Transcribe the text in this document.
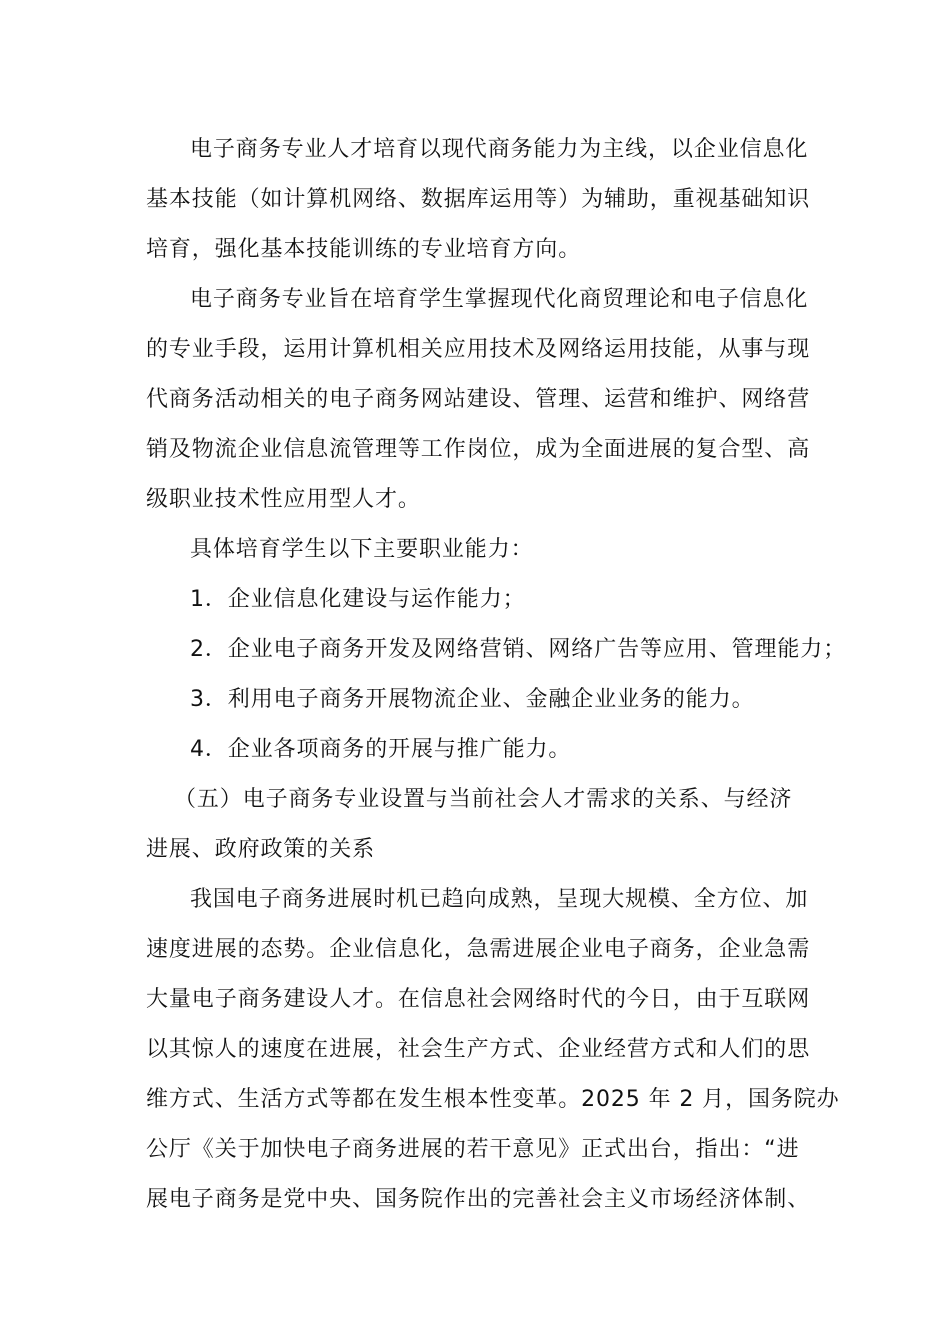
电子商务专业人才培育以现代商务能力为主线，以企业信息化
基本技能（如计算机网络、数据库运用等）为辅助，重视基础知识
培育，强化基本技能训练的专业培育方向。
电子商务专业旨在培育学生掌握现代化商贸理论和电子信息化
的专业手段，运用计算机相关应用技术及网络运用技能，从事与现
代商务活动相关的电子商务网站建设、管理、运营和维护、网络营
销及物流企业信息流管理等工作岗位，成为全面进展的复合型、高
级职业技术性应用型人才。
具体培育学生以下主要职业能力：
1．企业信息化建设与运作能力；
2．企业电子商务开发及网络营销、网络广告等应用、管理能力；
3．利用电子商务开展物流企业、金融企业业务的能力。
4．企业各项商务的开展与推广能力。
（五）电子商务专业设置与当前社会人才需求的关系、与经济
进展、政府政策的关系
我国电子商务进展时机已趋向成熟，呈现大规模、全方位、加
速度进展的态势。企业信息化，急需进展企业电子商务，企业急需
大量电子商务建设人才。在信息社会网络时代的今日，由于互联网
以其惊人的速度在进展，社会生产方式、企业经营方式和人们的思
维方式、生活方式等都在发生根本性变革。2025 年 2 月，国务院办
公厅《关于加快电子商务进展的若干意见》正式出台，指出：“进
展电子商务是党中央、国务院作出的完善社会主义市场经济体制、
